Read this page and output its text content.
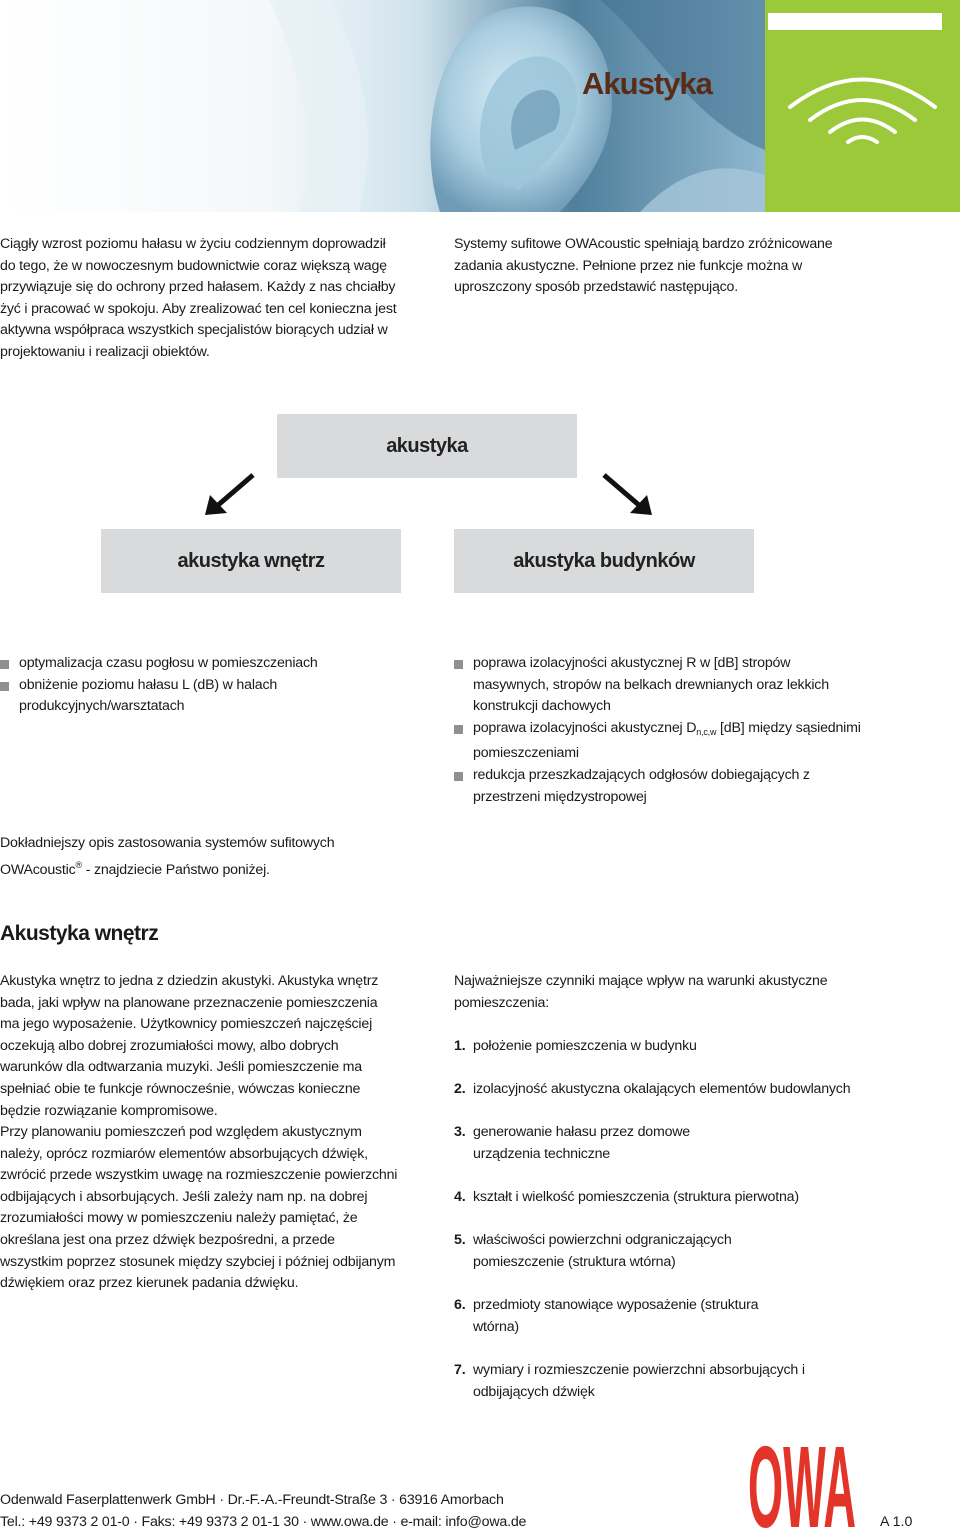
Akustyka
Ciągły wzrost poziomu hałasu w życiu codziennym doprowadził do tego, że w nowoczesnym budownictwie coraz większą wagę przywiązuje się do ochrony przed hałasem. Każdy z nas chciałby żyć i pracować w spokoju. Aby zrealizować ten cel konieczna jest aktywna współpraca wszystkich specjalistów biorących udział w projektowaniu i realizacji obiektów.
Systemy sufitowe OWAcoustic spełniają bardzo zróżnicowane zadania akustyczne. Pełnione przez nie funkcje można w uproszczony sposób przedstawić następująco.
akustyka
akustyka wnętrz	akustyka budynków
optymalizacja czasu pogłosu w pomieszczeniach
obniżenie poziomu hałasu L (dB) w halach produkcyjnych/warsztatach
poprawa izolacyjności akustycznej R w [dB] stropów masywnych, stropów na belkach drewnianych oraz lekkich konstrukcji dachowych
poprawa izolacyjności akustycznej $D_{n,c,w}$ [dB] między sąsiednimi pomieszczeniami
redukcja przeszkadzających odgłosów dobiegających z przestrzeni międzystropowej
Dokładniejszy opis zastosowania systemów sufitowych OWAcoustic® - znajdziecie Państwo poniżej.
Akustyka wnętrz
Akustyka wnętrz to jedna z dziedzin akustyki. Akustyka wnętrz bada, jaki wpływ na planowane przeznaczenie pomieszczenia ma jego wyposażenie. Użytkownicy pomieszczeń najczęściej oczekują albo dobrej zrozumiałości mowy, albo dobrych warunków dla odtwarzania muzyki. Jeśli pomieszczenie ma spełniać obie te funkcje równocześnie, wówczas konieczne będzie rozwiązanie kompromisowe.
Przy planowaniu pomieszczeń pod względem akustycznym należy, oprócz rozmiarów elementów absorbujących dźwięk, zwrócić przede wszystkim uwagę na rozmieszczenie powierzchni odbijających i absorbujących. Jeśli zależy nam np. na dobrej zrozumiałości mowy w pomieszczeniu należy pamiętać, że określana jest ona przez dźwięk bezpośredni, a przede wszystkim poprzez stosunek między szybciej i później odbijanym dźwiękiem oraz przez kierunek padania dźwięku.
Najważniejsze czynniki mające wpływ na warunki akustyczne pomieszczenia:
1. położenie pomieszczenia w budynku
2. izolacyjność akustyczna okalających elementów budowlanych
3. generowanie hałasu przez domowe urządzenia techniczne
4. kształt i wielkość pomieszczenia (struktura pierwotna)
5. właściwości powierzchni odgraniczających pomieszczenie (struktura wtórna)
6. przedmioty stanowiące wyposażenie (struktura wtórna)
7. wymiary i rozmieszczenie powierzchni absorbujących i odbijających dźwięk
Odenwald Faserplattenwerk GmbH · Dr.-F.-A.-Freundt-Straße 3 · 63916 Amorbach
Tel.: +49 9373 2 01-0 · Faks: +49 9373 2 01-1 30 · www.owa.de · e-mail: info@owa.de OWA A 1.0
